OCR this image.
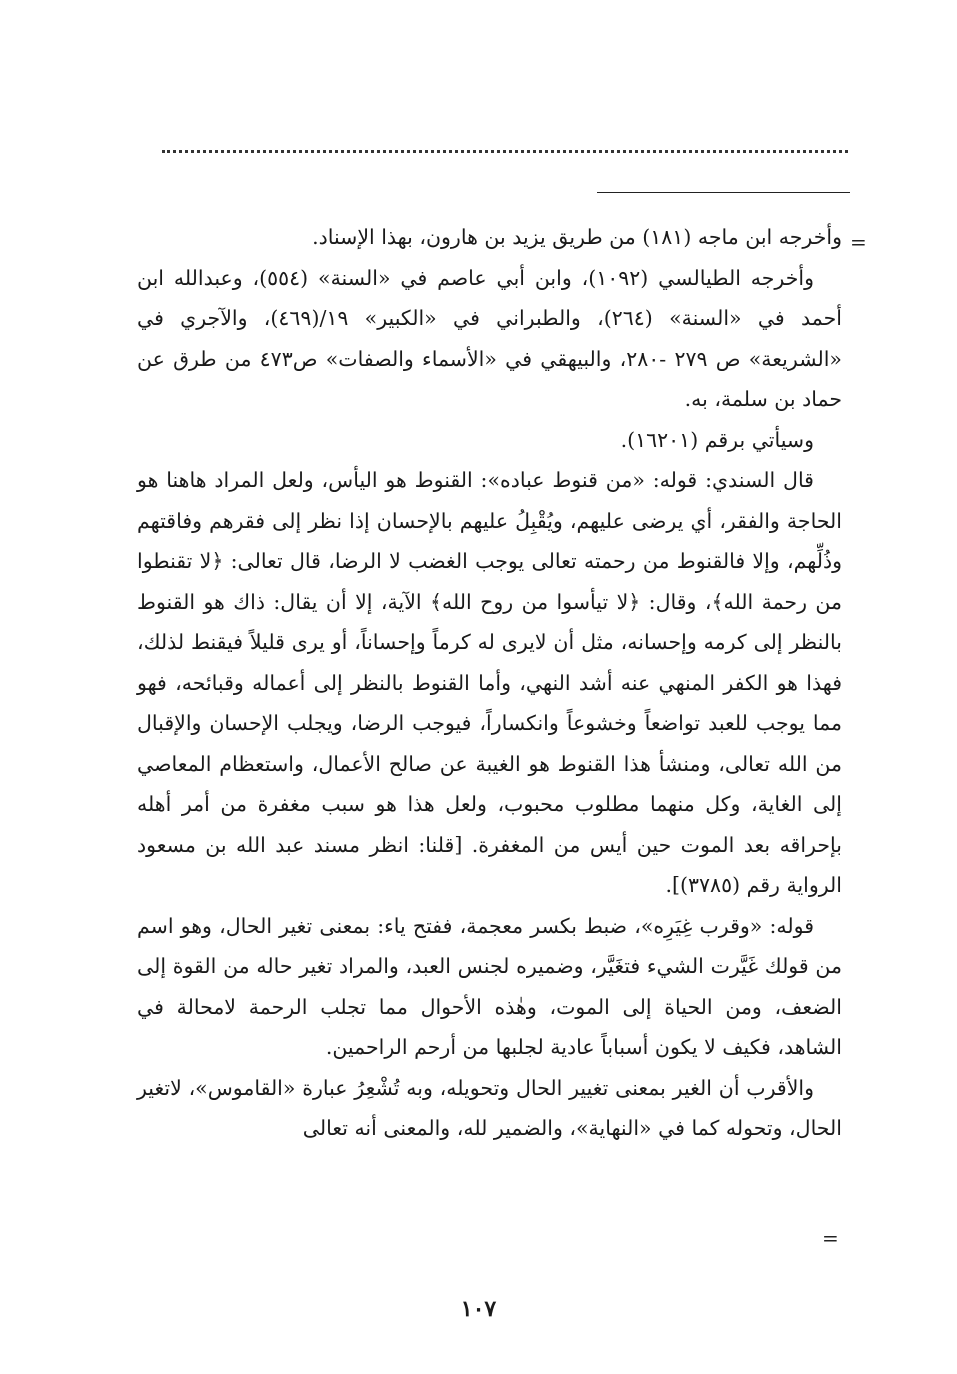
=

وأخرجه ابن ماجه (١٨١) من طريق يزيد بن هارون، بهذا الإسناد.

وأخرجه الطيالسي (١٠٩٢)، وابن أبي عاصم في «السنة» (٥٥٤)، وعبدالله ابن أحمد في «السنة» (٢٦٤)، والطبراني في «الكبير» ١٩/(٤٦٩)، والآجري في «الشريعة» ص ٢٧٩ -٢٨٠، والبيهقي في «الأسماء والصفات» ص٤٧٣ من طرق عن حماد بن سلمة، به.

وسيأتي برقم (١٦٢٠١).

قال السندي: قوله: «من قنوط عباده»: القنوط هو اليأس، ولعل المراد هاهنا هو الحاجة والفقر، أي يرضى عليهم، ويُقْبِلُ عليهم بالإحسان إذا نظر إلى فقرهم وفاقتهم وذُلِّهم، وإلا فالقنوط من رحمته تعالى يوجب الغضب لا الرضا، قال تعالى: ﴿لا تقنطوا من رحمة الله﴾، وقال: ﴿لا تيأسوا من روح الله﴾ الآية، إلا أن يقال: ذاك هو القنوط بالنظر إلى كرمه وإحسانه، مثل أن لايرى له كرماً وإحساناً، أو يرى قليلاً فيقنط لذلك، فهذا هو الكفر المنهي عنه أشد النهي، وأما القنوط بالنظر إلى أعماله وقبائحه، فهو مما يوجب للعبد تواضعاً وخشوعاً وانكساراً، فيوجب الرضا، ويجلب الإحسان والإقبال من الله تعالى، ومنشأ هذا القنوط هو الغيبة عن صالح الأعمال، واستعظام المعاصي إلى الغاية، وكل منهما مطلوب محبوب، ولعل هذا هو سبب مغفرة من أمر أهله بإحراقه بعد الموت حين أيس من المغفرة. [قلنا: انظر مسند عبد الله بن مسعود الرواية رقم (٣٧٨٥)].

قوله: «وقرب غِيَرِه»، ضبط بكسر معجمة، ففتح ياء: بمعنى تغير الحال، وهو اسم من قولك غَيَّرت الشيء فتغَيَّر، وضميره لجنس العبد، والمراد تغير حاله من القوة إلى الضعف، ومن الحياة إلى الموت، وهٰذه الأحوال مما تجلب الرحمة لامحالة في الشاهد، فكيف لا يكون أسباباً عادية لجلبها من أرحم الراحمين.

والأقرب أن الغير بمعنى تغيير الحال وتحويله، وبه تُشْعِرُ عبارة «القاموس»، لاتغير الحال، وتحوله كما في «النهاية»، والضمير لله، والمعنى أنه تعالى

=
١٠٧
